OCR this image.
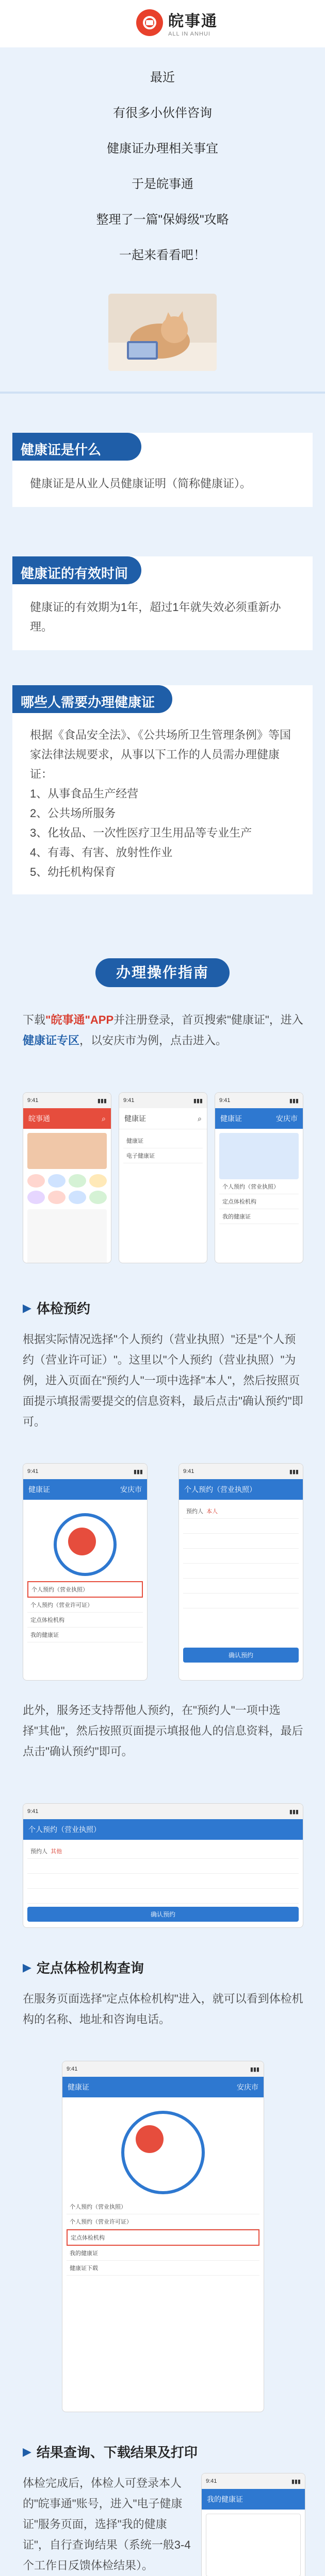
皖事通
ALL IN ANHUI

最近

有很多小伙伴咨询

健康证办理相关事宜

于是皖事通

整理了一篇"保姆级"攻略

一起来看看吧！

健康证是什么

健康证是从业人员健康证明（简称健康证）。

健康证的有效时间

健康证的有效期为1年，超过1年就失效必须重新办理。

哪些人需要办理健康证

根据《食品安全法》、《公共场所卫生管理条例》等国家法律法规要求，从事以下工作的人员需办理健康证：

1、从事食品生产经营

2、公共场所服务

3、化妆品、一次性医疗卫生用品等专业生产

4、有毒、有害、放射性作业

5、幼托机构保育

办理操作指南
下载"皖事通"APP并注册登录，首页搜索"健康证"，进入健康证专区，以安庆市为例，点击进入。
9:41	▮▮▮
皖事通	⌕
9:41	▮▮▮
健康证	⌕
健康证
电子健康证
9:41	▮▮▮
健康证	安庆市
个人预约（营业执照）
定点体检机构
我的健康证
▶ 体检预约
根据实际情况选择"个人预约（营业执照）"还是"个人预约（营业许可证）"。这里以"个人预约（营业执照）"为例，进入页面在"预约人"一项中选择"本人"，然后按照页面提示填报需要提交的信息资料，最后点击"确认预约"即可。
9:41	▮▮▮
健康证	安庆市
个人预约（营业执照）
个人预约（营业许可证）
定点体检机构
我的健康证
9:41	▮▮▮
个人预约（营业执照）
预约人
本人
确认预约
此外，服务还支持帮他人预约，在"预约人"一项中选择"其他"，然后按照页面提示填报他人的信息资料，最后点击"确认预约"即可。
9:41	▮▮▮
个人预约（营业执照）
预约人
其他
确认预约
▶ 定点体检机构查询
在服务页面选择"定点体检机构"进入，就可以看到体检机构的名称、地址和咨询电话。
9:41	▮▮▮
健康证	安庆市
个人预约（营业执照）
个人预约（营业许可证）
定点体检机构
我的健康证
健康证下载
▶ 结果查询、下载结果及打印
体检完成后，体检人可登录本人的"皖事通"账号，进入"电子健康证"服务页面，选择"我的健康证"，自行查询结果（系统一般3-4个工作日反馈体检结果）。
9:41	▮▮▮
我的健康证
